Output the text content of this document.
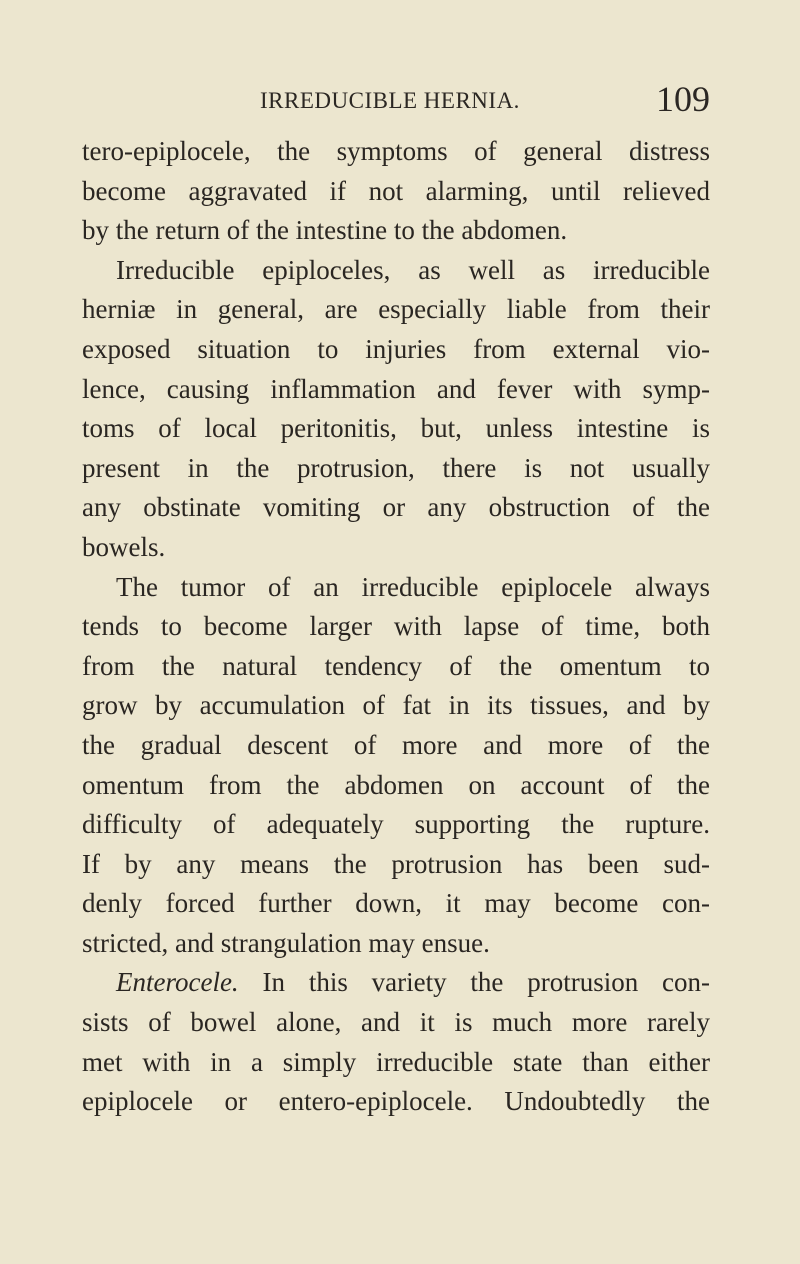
IRREDUCIBLE HERNIA.	109
tero-epiplocele, the symptoms of general distress
become aggravated if not alarming, until relieved
by the return of the intestine to the abdomen.
Irreducible epiploceles, as well as irreducible
herniæ in general, are especially liable from their
exposed situation to injuries from external vio-
lence, causing inflammation and fever with symp-
toms of local peritonitis, but, unless intestine is
present in the protrusion, there is not usually
any obstinate vomiting or any obstruction of the
bowels.
The tumor of an irreducible epiplocele always
tends to become larger with lapse of time, both
from the natural tendency of the omentum to
grow by accumulation of fat in its tissues, and by
the gradual descent of more and more of the
omentum from the abdomen on account of the
difficulty of adequately supporting the rupture.
If by any means the protrusion has been sud-
denly forced further down, it may become con-
stricted, and strangulation may ensue.
Enterocele. In this variety the protrusion con-
sists of bowel alone, and it is much more rarely
met with in a simply irreducible state than either
epiplocele or entero-epiplocele. Undoubtedly the
